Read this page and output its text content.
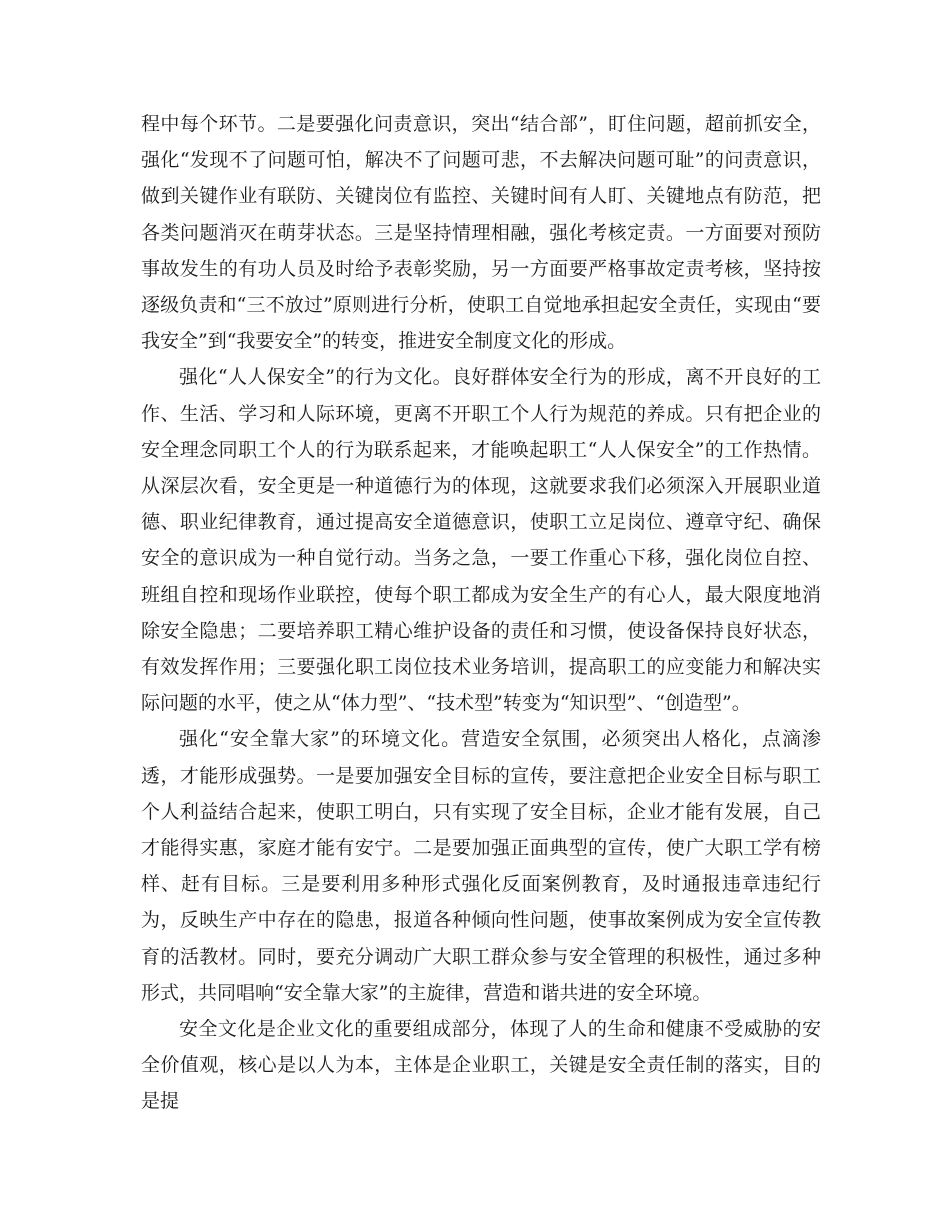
程中每个环节。二是要强化问责意识，突出“结合部”，盯住问题，超前抓安全，强化“发现不了问题可怕，解决不了问题可悲，不去解决问题可耻”的问责意识，做到关键作业有联防、关键岗位有监控、关键时间有人盯、关键地点有防范，把各类问题消灭在萌芽状态。三是坚持情理相融，强化考核定责。一方面要对预防事故发生的有功人员及时给予表彰奖励，另一方面要严格事故定责考核，坚持按逐级负责和“三不放过”原则进行分析，使职工自觉地承担起安全责任，实现由“要我安全”到“我要安全”的转变，推进安全制度文化的形成。

强化“人人保安全”的行为文化。良好群体安全行为的形成，离不开良好的工作、生活、学习和人际环境，更离不开职工个人行为规范的养成。只有把企业的安全理念同职工个人的行为联系起来，才能唤起职工“人人保安全”的工作热情。从深层次看，安全更是一种道德行为的体现，这就要求我们必须深入开展职业道德、职业纪律教育，通过提高安全道德意识，使职工立足岗位、遵章守纪、确保安全的意识成为一种自觉行动。当务之急，一要工作重心下移，强化岗位自控、班组自控和现场作业联控，使每个职工都成为安全生产的有心人，最大限度地消除安全隐患；二要培养职工精心维护设备的责任和习惯，使设备保持良好状态，有效发挥作用；三要强化职工岗位技术业务培训，提高职工的应变能力和解决实际问题的水平，使之从“体力型”、“技术型”转变为“知识型”、“创造型”。

强化“安全靠大家”的环境文化。营造安全氛围，必须突出人格化，点滴渗透，才能形成强势。一是要加强安全目标的宣传，要注意把企业安全目标与职工个人利益结合起来，使职工明白，只有实现了安全目标，企业才能有发展，自己才能得实惠，家庭才能有安宁。二是要加强正面典型的宣传，使广大职工学有榜样、赶有目标。三是要利用多种形式强化反面案例教育，及时通报违章违纪行为，反映生产中存在的隐患，报道各种倾向性问题，使事故案例成为安全宣传教育的活教材。同时，要充分调动广大职工群众参与安全管理的积极性，通过多种形式，共同唱响“安全靠大家”的主旋律，营造和谐共进的安全环境。

安全文化是企业文化的重要组成部分，体现了人的生命和健康不受威胁的安全价值观，核心是以人为本，主体是企业职工，关键是安全责任制的落实，目的是提
